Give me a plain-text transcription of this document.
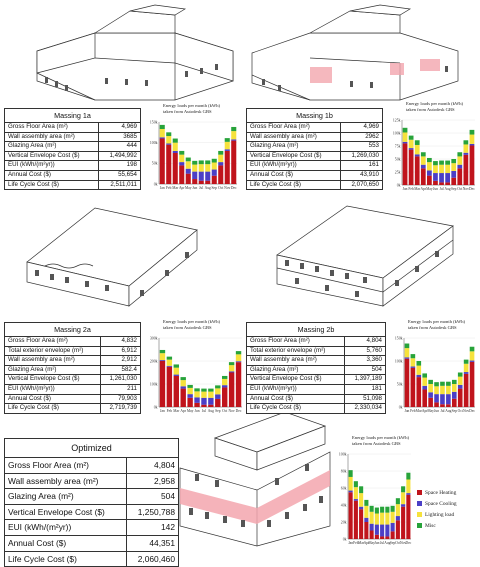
Massing 1a	
Gross Floor Area (m²)	4,969
Wall assembly area (m²)	3685
Glazing Area (m²)	444
Vertical Envelope Cost ($)	1,494,992
EUI (kWh/(m²yr))	198
Annual Cost ($)	55,654
Life Cycle Cost ($)	2,511,011
Massing 1b	
Gross Floor Area (m²)	4,969
Wall assembly area (m²)	2962
Glazing Area (m²)	553
Vertical Envelope Cost ($)	1,269,030
EUI (kWh/(m²yr))	161
Annual Cost ($)	43,910
Life Cycle Cost ($)	2,070,650
Massing 2a	
Gross Floor Area (m²)	4,832
Total exterior envelope (m²)	6,912
Wall assembly area (m²)	2,912
Glazing Area (m²)	582.4
Vertical Envelope Cost ($)	1,261,030
EUI (kWh/(m²yr))	211
Annual Cost ($)	79,903
Life Cycle Cost ($)	2,719,739
Massing 2b	
Gross Floor Area (m²)	4,804
Total exterior envelope (m²)	5,760
Wall assembly area (m²)	3,360
Glazing Area (m²)	504
Vertical Envelope Cost ($)	1,397,189
EUI (kWh/(m²yr))	181
Annual Cost ($)	51,098
Life Cycle Cost ($)	2,330,034
Optimized	
Gross Floor Area (m²)	4,804
Wall assembly area (m²)	2,958
Glazing Area (m²)	504
Vertical Envelope Cost ($)	1,250,788
EUI (kWh/(m²yr))	142
Annual Cost ($)	44,351
Life Cycle Cost ($)	2,060,460
Energy loads per month (kWh)
taken from Autodesk GBS
150k
100k
50k
0k
Jan Feb Mar Apr May Jun Jul Aug Sep Oct Nov Dec
Energy loads per month (kWh)
taken from Autodesk GBS
125k
100k
75k
50k
25k
0k
Jan Feb Mar Apr May Jun Jul Aug Sep Oct Nov Dec
Energy loads per month (kWh)
taken from Autodesk GBS
300k
200k
100k
0k
Jan Feb Mar Apr May Jun Jul Aug Sep Oct Nov Dec
Energy loads per month (kWh)
taken from Autodesk GBS
150k
100k
50k
0k
Jan Feb Mar Apr May Jun Jul Aug Sep Oct Nov Dec
Energy loads per month (kWh)
taken from Autodesk GBS
100k
80k
60k
40k
20k
0k
Jan Feb Mar Apr May Jun Jul Aug Sep Oct Nov Dec
Space Heating
Space Cooling
Lighting load
Misc
